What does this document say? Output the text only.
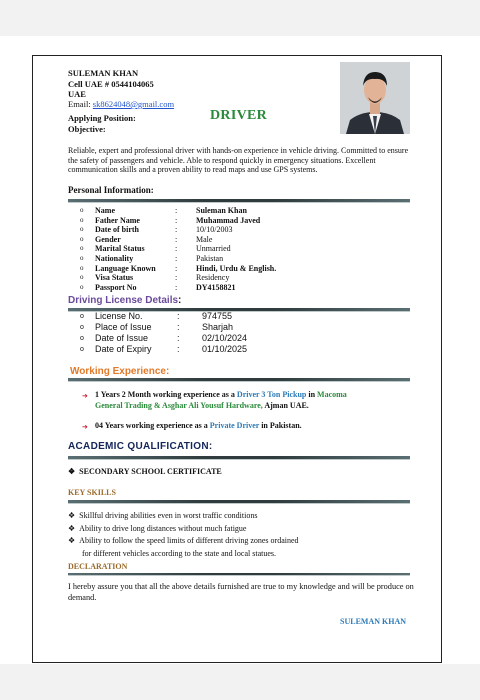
SULEMAN KHAN
Cell UAE # 0544104065
UAE
Email: sk8624048@gmail.com
Applying Position:	DRIVER
Objective:
Reliable, expert and professional driver with hands-on experience in vehicle driving. Committed to ensure the safety of passengers and vehicle. Able to respond quickly in emergency situations. Excellent communication skills and a proven ability to read maps and use GPS systems.
Personal Information:
o Name	: Suleman Khan
o Father Name	: Muhammad Javed
o Date of birth	: 10/10/2003
o Gender	: Male
o Marital Status	: Unmarried
o Nationality	: Pakistan
o Language Known : Hindi, Urdu & English.
o Visa Status	: Residency
o Passport No	: DY4158821
Driving License Details:
o License No.	: 974755
o Place of Issue	: Sharjah
o Date of Issue	: 02/10/2024
o Date of Expiry	: 01/10/2025
Working Experience:
➜ 1 Years 2 Month working experience as a Driver 3 Ton Pickup in Macoma
General Trading & Asghar Ali Yousuf Hardware, Ajman UAE.
➜ 04 Years working experience as a Private Driver in Pakistan.
ACADEMIC QUALIFICATION:
❖  SECONDARY SCHOOL CERTIFICATE
KEY SKILLS
❖  Skillful driving abilities even in worst traffic conditions
❖  Ability to drive long distances without much fatigue
❖  Ability to follow the speed limits of different driving zones ordained
for different vehicles according to the state and local statues.
DECLARATION
I hereby assure you that all the above details furnished are true to my knowledge and will be produce on demand.
SULEMAN KHAN
